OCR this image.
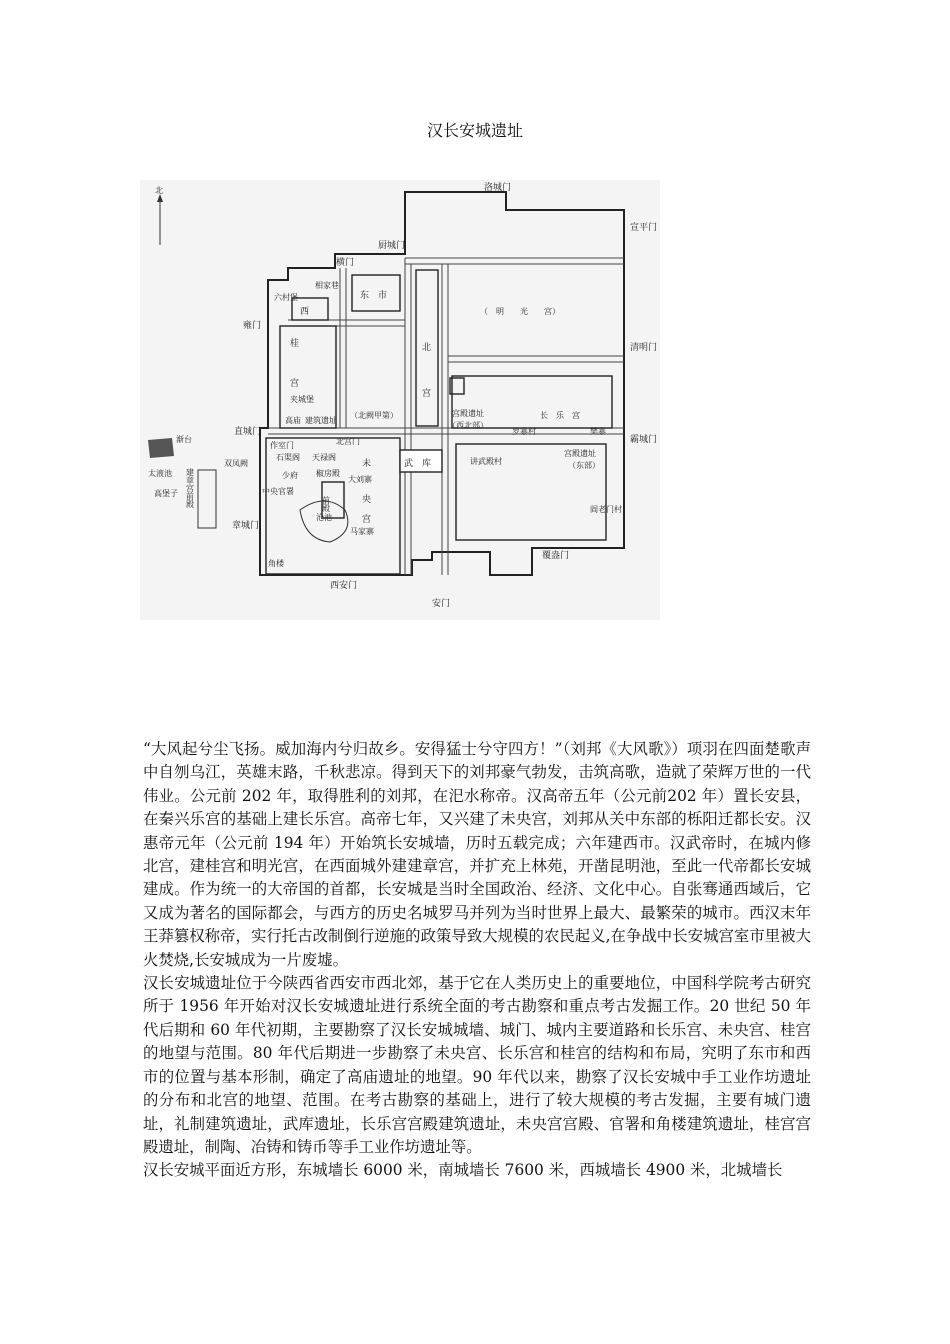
汉长安城遗址
北	洛城门
厨城门
横门
宣平门
雍门
清明门
直城门
霸城门
章城门
西安门
安门
覆盎门
相家巷
六村堡
西
东　市
（　明　　光　　宫）
桂
宫
夹城堡
高庙 建筑遗址
（北阙甲第）
北
宫
宫殿遗址
（西北部）
长　乐　宫
罗寨村	樊寨
渐台
太液池
高堡子
双凤阙
建章宫前殿
作室门
石渠阁 天禄阁
北宫门
少府 椒房殿
中央官署
未
央
宫
大刘寨
前殿
武　库	讲武殿村
宫殿遗址
（东部）
阎老门村
沧池
马家寨
角楼

“大风起兮尘飞扬。威加海内兮归故乡。安得猛士兮守四方！”（刘邦《大风歌》）项羽在四面楚歌声中自刎乌江，英雄末路，千秋悲凉。得到天下的刘邦豪气勃发，击筑高歌，造就了荣辉万世的一代伟业。公元前 202 年，取得胜利的刘邦，在汜水称帝。汉高帝五年（公元前202 年）置长安县，在秦兴乐宫的基础上建长乐宫。高帝七年，又兴建了未央宫，刘邦从关中东部的栎阳迁都长安。汉惠帝元年（公元前 194 年）开始筑长安城墙，历时五载完成；六年建西市。汉武帝时，在城内修北宫，建桂宫和明光宫，在西面城外建建章宫，并扩充上林苑，开凿昆明池，至此一代帝都长安城建成。作为统一的大帝国的首都，长安城是当时全国政治、经济、文化中心。自张骞通西域后，它又成为著名的国际都会，与西方的历史名城罗马并列为当时世界上最大、最繁荣的城市。西汉末年王莽篡权称帝，实行托古改制倒行逆施的政策导致大规模的农民起义,在争战中长安城宫室市里被大火焚烧,长安城成为一片废墟。

汉长安城遗址位于今陕西省西安市西北郊，基于它在人类历史上的重要地位，中国科学院考古研究所于 1956 年开始对汉长安城遗址进行系统全面的考古勘察和重点考古发掘工作。20 世纪 50 年代后期和 60 年代初期，主要勘察了汉长安城城墙、城门、城内主要道路和长乐宫、未央宫、桂宫的地望与范围。80 年代后期进一步勘察了未央宫、长乐宫和桂宫的结构和布局，究明了东市和西市的位置与基本形制，确定了高庙遗址的地望。90 年代以来，勘察了汉长安城中手工业作坊遗址的分布和北宫的地望、范围。在考古勘察的基础上，进行了较大规模的考古发掘，主要有城门遗址，礼制建筑遗址，武库遗址，长乐宫宫殿建筑遗址，未央宫宫殿、官署和角楼建筑遗址，桂宫宫殿遗址，制陶、冶铸和铸币等手工业作坊遗址等。

汉长安城平面近方形，东城墙长 6000 米，南城墙长 7600 米，西城墙长 4900 米，北城墙长
